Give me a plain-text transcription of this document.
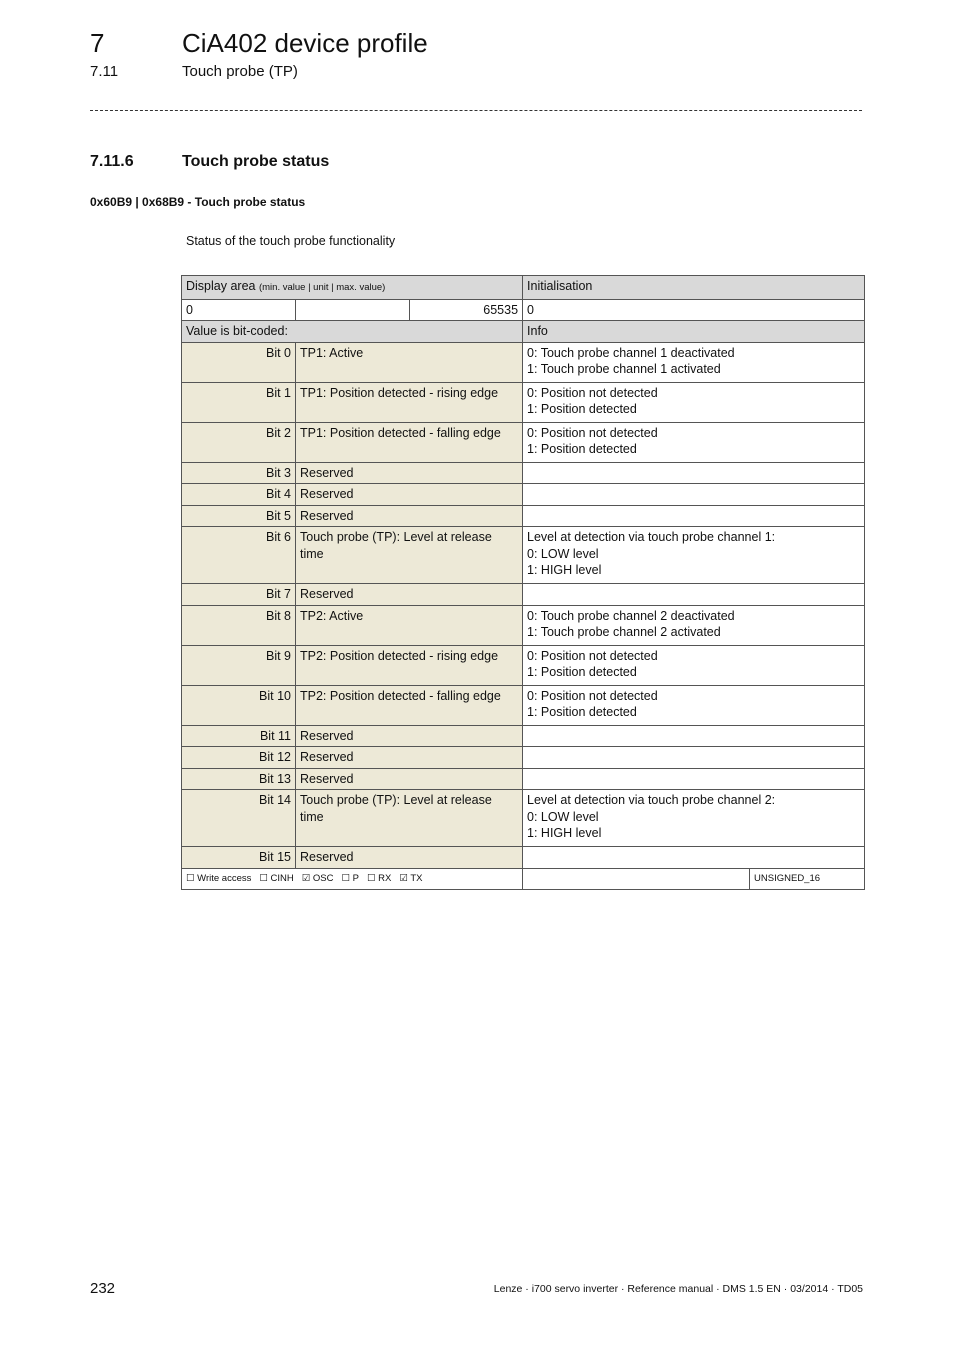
7	CiA402 device profile
7.11	Touch probe (TP)
7.11.6	Touch probe status
0x60B9 | 0x68B9 - Touch probe status
Status of the touch probe functionality
Display area (min. value | unit | max. value)			Initialisation	
0		65535	0	
Value is bit-coded:			Info	
Bit 0	TP1: Active		0: Touch probe channel 1 deactivated
1: Touch probe channel 1 activated	

Bit 1	TP1: Position detected - rising edge		0: Position not detected
1: Position detected	

Bit 2	TP1: Position detected - falling edge		0: Position not detected
1: Position detected	

Bit 3	Reserved			
Bit 4	Reserved			
Bit 5	Reserved			
Bit 6	Touch probe (TP): Level at release time		Level at detection via touch probe channel 1:
0: LOW level
1: HIGH level	

Bit 7	Reserved			
Bit 8	TP2: Active		0: Touch probe channel 2 deactivated
1: Touch probe channel 2 activated	

Bit 9	TP2: Position detected - rising edge		0: Position not detected
1: Position detected	

Bit 10	TP2: Position detected - falling edge		0: Position not detected
1: Position detected	

Bit 11	Reserved			
Bit 12	Reserved			
Bit 13	Reserved			
Bit 14	Touch probe (TP): Level at release time		Level at detection via touch probe channel 2:
0: LOW level
1: HIGH level	

Bit 15	Reserved			
☐ Write access ☐ CINH ☑ OSC ☐ P ☐ RX ☑ TX				UNSIGNED_16
232	Lenze · i700 servo inverter · Reference manual · DMS 1.5 EN · 03/2014 · TD05
